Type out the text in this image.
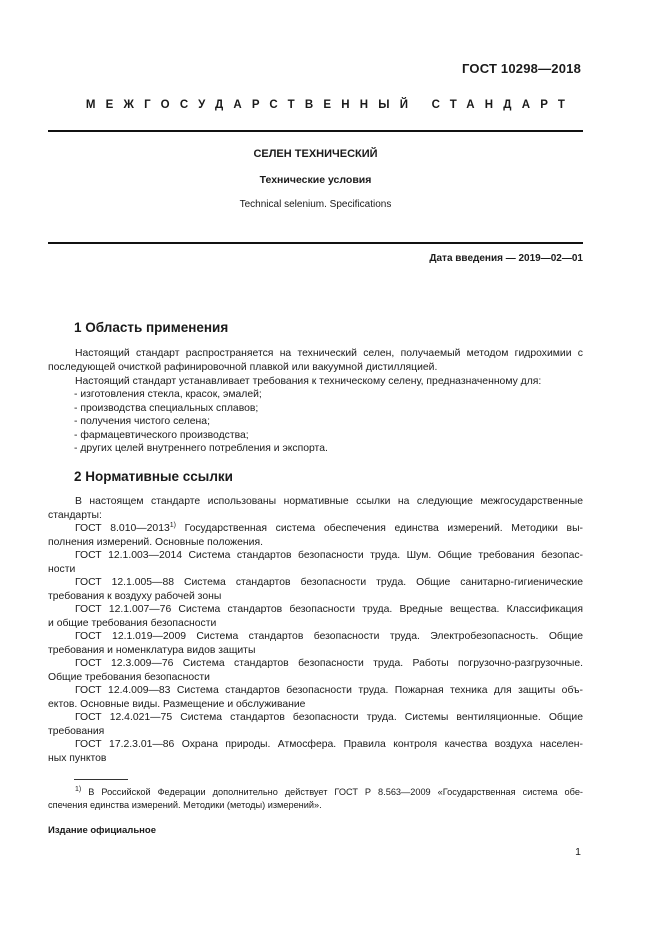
ГОСТ 10298—2018
МЕЖГОСУДАРСТВЕННЫЙ СТАНДАРТ
СЕЛЕН ТЕХНИЧЕСКИЙ
Технические условия
Technical selenium. Specifications
Дата введения — 2019—02—01
1 Область применения
Настоящий стандарт распространяется на технический селен, получаемый методом гидрохимии с
последующей очисткой рафинировочной плавкой или вакуумной дистилляцией.
Настоящий стандарт устанавливает требования к техническому селену, предназначенному для:
- изготовления стекла, красок, эмалей;
- производства специальных сплавов;
- получения чистого селена;
- фармацевтического производства;
- других целей внутреннего потребления и экспорта.
2 Нормативные ссылки
В настоящем стандарте использованы нормативные ссылки на следующие межгосударственные
стандарты:
ГОСТ 8.010—2013$^{1)}$ Государственная система обеспечения единства измерений. Методики вы-
полнения измерений. Основные положения.
ГОСТ 12.1.003—2014 Система стандартов безопасности труда. Шум. Общие требования безопас-
ности
ГОСТ 12.1.005—88 Система стандартов безопасности труда. Общие санитарно-гигиенические
требования к воздуху рабочей зоны
ГОСТ 12.1.007—76 Система стандартов безопасности труда. Вредные вещества. Классификация
и общие требования безопасности
ГОСТ 12.1.019—2009 Система стандартов безопасности труда. Электробезопасность. Общие
требования и номенклатура видов защиты
ГОСТ 12.3.009—76 Система стандартов безопасности труда. Работы погрузочно-разгрузочные.
Общие требования безопасности
ГОСТ 12.4.009—83 Система стандартов безопасности труда. Пожарная техника для защиты объ-
ектов. Основные виды. Размещение и обслуживание
ГОСТ 12.4.021—75 Система стандартов безопасности труда. Системы вентиляционные. Общие
требования
ГОСТ 17.2.3.01—86 Охрана природы. Атмосфера. Правила контроля качества воздуха населен-
ных пунктов
$^{1)}$ В Российской Федерации дополнительно действует ГОСТ Р 8.563—2009 «Государственная система обе-
спечения единства измерений. Методики (методы) измерений».
Издание официальное
1
